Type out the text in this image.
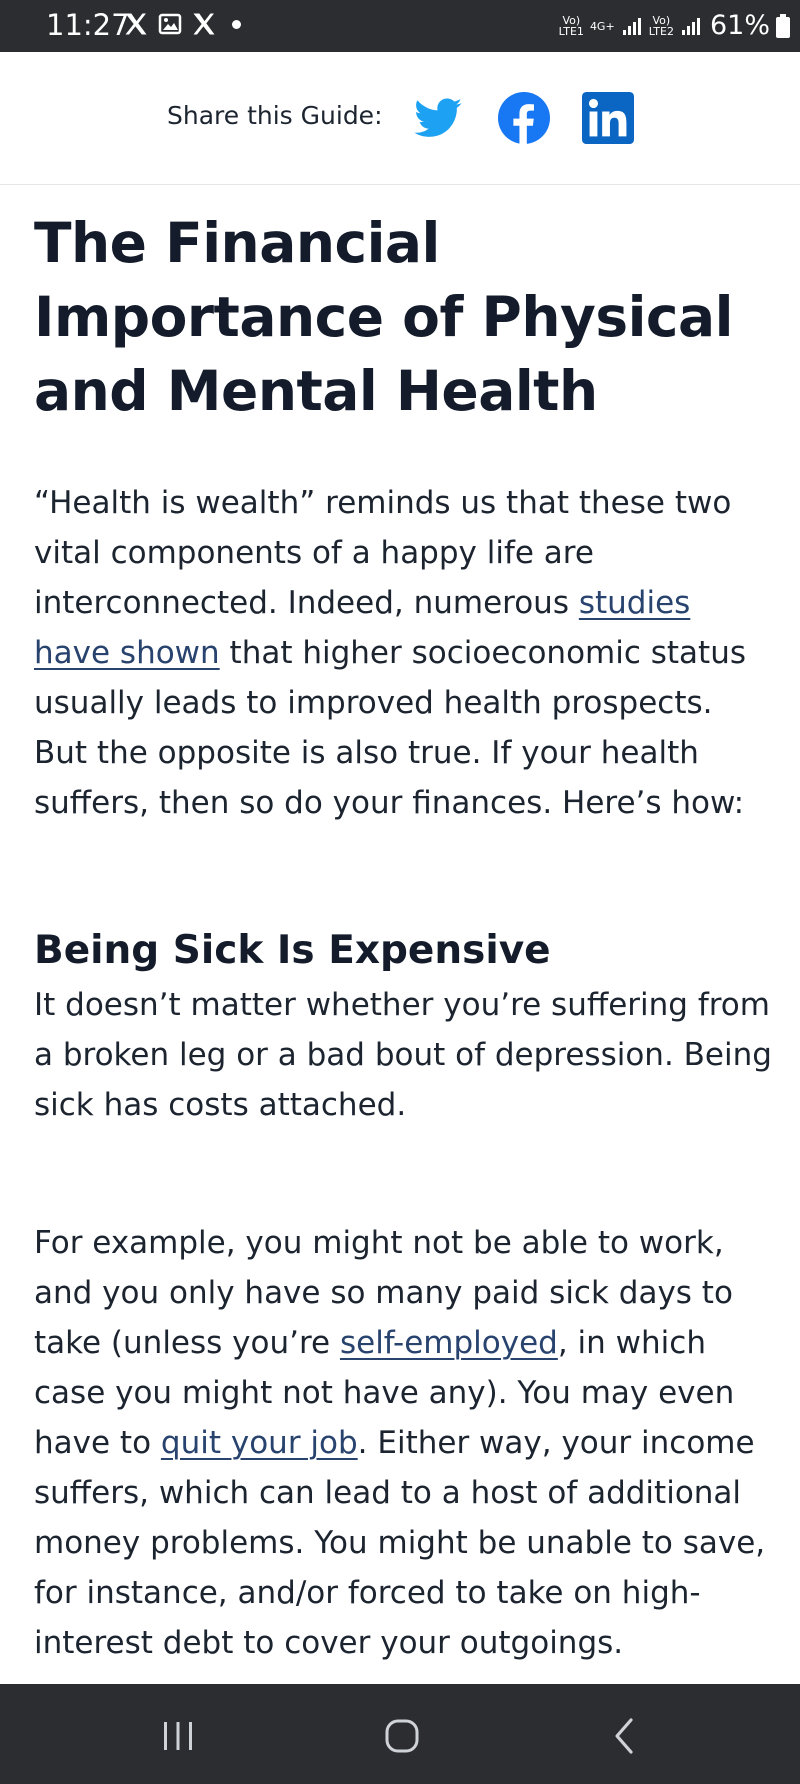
11:27	Vo)
LTE1 4G+	Vo)
LTE2 61%
Share this Guide:
The Financial Importance of Physical and Mental Health

“Health is wealth” reminds us that these two vital components of a happy life are interconnected. Indeed, numerous studies have shown that higher socioeconomic status usually leads to improved health prospects. But the opposite is also true. If your health suffers, then so do your finances. Here’s how:

Being Sick Is Expensive

It doesn’t matter whether you’re suffering from a broken leg or a bad bout of depression. Being sick has costs attached.

For example, you might not be able to work, and you only have so many paid sick days to take (unless you’re self-employed, in which case you might not have any). You may even have to quit your job. Either way, your income suffers, which can lead to a host of additional money problems. You might be unable to save, for instance, and/or forced to take on high-interest debt to cover your outgoings.
